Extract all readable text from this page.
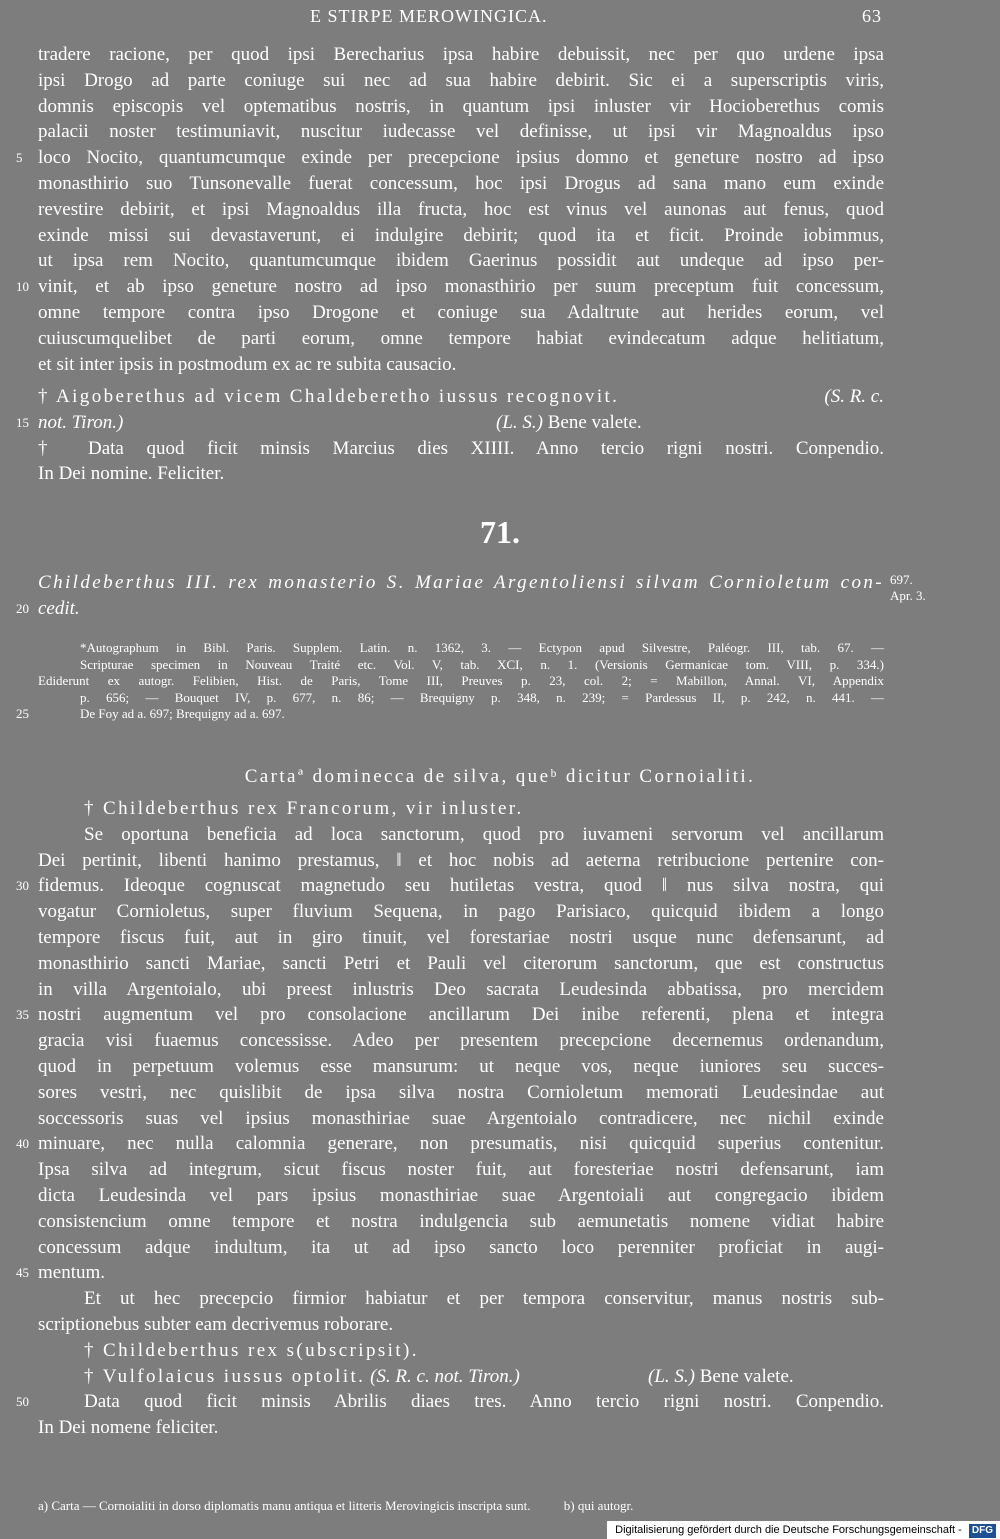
E STIRPE MEROWINGICA.	63
tradere racione, per quod ipsi Berecharius ipsa habire debuissit, nec per quo urdene ipsa
ipsi Drogo ad parte coniuge sui nec ad sua habire debirit. Sic ei a superscriptis viris,
domnis episcopis vel optematibus nostris, in quantum ipsi inluster vir Hocioberethus comis
palacii noster testimuniavit, nuscitur iudecasse vel definisse, ut ipsi vir Magnoaldus ipso
5 loco Nocito, quantumcumque exinde per precepcione ipsius domno et geneture nostro ad ipso
monasthirio suo Tunsonevalle fuerat concessum, hoc ipsi Drogus ad sana mano eum exinde
revestire debirit, et ipsi Magnoaldus illa fructa, hoc est vinus vel aunonas aut fenus, quod
exinde missi sui devastaverunt, ei indulgire debirit; quod ita et ficit. Proinde iobimmus,
ut ipsa rem Nocito, quantumcumque ibidem Gaerinus possidit aut undeque ad ipso per-
10 vinit, et ab ipso geneture nostro ad ipso monasthirio per suum preceptum fuit concessum,
omne tempore contra ipso Drogone et coniuge sua Adaltrute aut herides eorum, vel
cuiuscumquelibet de parti eorum, omne tempore habiat evindecatum adque helitiatum,
et sit inter ipsis in postmodum ex ac re subita causacio.
† Aigoberethus ad vicem Chaldeberetho iussus recognovit.	(S. R. c.
15 not. Tiron.)	(L. S.) Bene valete.
† Data quod ficit minsis Marcius dies XIIII. Anno tercio rigni nostri. Conpendio.
In Dei nomine. Feliciter.
71.
Childeberthus III. rex monasterio S. Mariae Argentoliensi silvam Cornioletum con-
20 cedit.
697.
Apr. 3.
*Autographum in Bibl. Paris. Supplem. Latin. n. 1362, 3. — Ectypon apud Silvestre, Paléogr. III, tab. 67. —
Scripturae specimen in Nouveau Traité etc. Vol. V, tab. XCI, n. 1. (Versionis Germanicae tom. VIII, p. 334.)
Ediderunt ex autogr. Felibien, Hist. de Paris, Tome III, Preuves p. 23, col. 2; = Mabillon, Annal. VI, Appendix
p. 656; — Bouquet IV, p. 677, n. 86; — Brequigny p. 348, n. 239; = Pardessus II, p. 242, n. 441. —
25	De Foy ad a. 697; Brequigny ad a. 697.
Cartaª dominecca de silva, queᵇ dicitur Cornoialiti.
† Childeberthus rex Francorum, vir inluster.
Se oportuna beneficia ad loca sanctorum, quod pro iuvameni servorum vel ancillarum
Dei pertinit, libenti hanimo prestamus, ‖ et hoc nobis ad aeterna retribucione pertenire con-
30 fidemus. Ideoque cognuscat magnetudo seu hutiletas vestra, quod ‖ nus silva nostra, qui
vogatur Cornioletus, super fluvium Sequena, in pago Parisiaco, quicquid ibidem a longo
tempore fiscus fuit, aut in giro tinuit, vel forestariae nostri usque nunc defensarunt, ad
monasthirio sancti Mariae, sancti Petri et Pauli vel citerorum sanctorum, que est constructus
in villa Argentoialo, ubi preest inlustris Deo sacrata Leudesinda abbatissa, pro mercidem
35 nostri augmentum vel pro consolacione ancillarum Dei inibe referenti, plena et integra
gracia visi fuaemus concessisse. Adeo per presentem precepcione decernemus ordenandum,
quod in perpetuum volemus esse mansurum: ut neque vos, neque iuniores seu succes-
sores vestri, nec quislibit de ipsa silva nostra Cornioletum memorati Leudesindae aut
soccessoris suas vel ipsius monasthiriae suae Argentoialo contradicere, nec nichil exinde
40 minuare, nec nulla calomnia generare, non presumatis, nisi quicquid superius contenitur.
Ipsa silva ad integrum, sicut fiscus noster fuit, aut foresteriae nostri defensarunt, iam
dicta Leudesinda vel pars ipsius monasthiriae suae Argentoiali aut congregacio ibidem
consistencium omne tempore et nostra indulgencia sub aemunetatis nomene vidiat habire
concessum adque indultum, ita ut ad ipso sancto loco perenniter proficiat in augi-
45 mentum.
Et ut hec precepcio firmior habiatur et per tempora conservitur, manus nostris sub-
scriptionebus subter eam decrivemus roborare.
† Childeberthus rex s(ubscripsit).
† Vulfolaicus iussus optolit. (S. R. c. not. Tiron.)	(L. S.) Bene valete.
50	Data quod ficit minsis Abrilis diaes tres. Anno tercio rigni nostri. Conpendio.
In Dei nomene feliciter.
a) Carta — Cornoialiti in dorso diplomatis manu antiqua et litteris Merovingicis inscripta sunt.	b) qui autogr.
Digitalisierung gefördert durch die Deutsche Forschungsgemeinschaft - DFG
